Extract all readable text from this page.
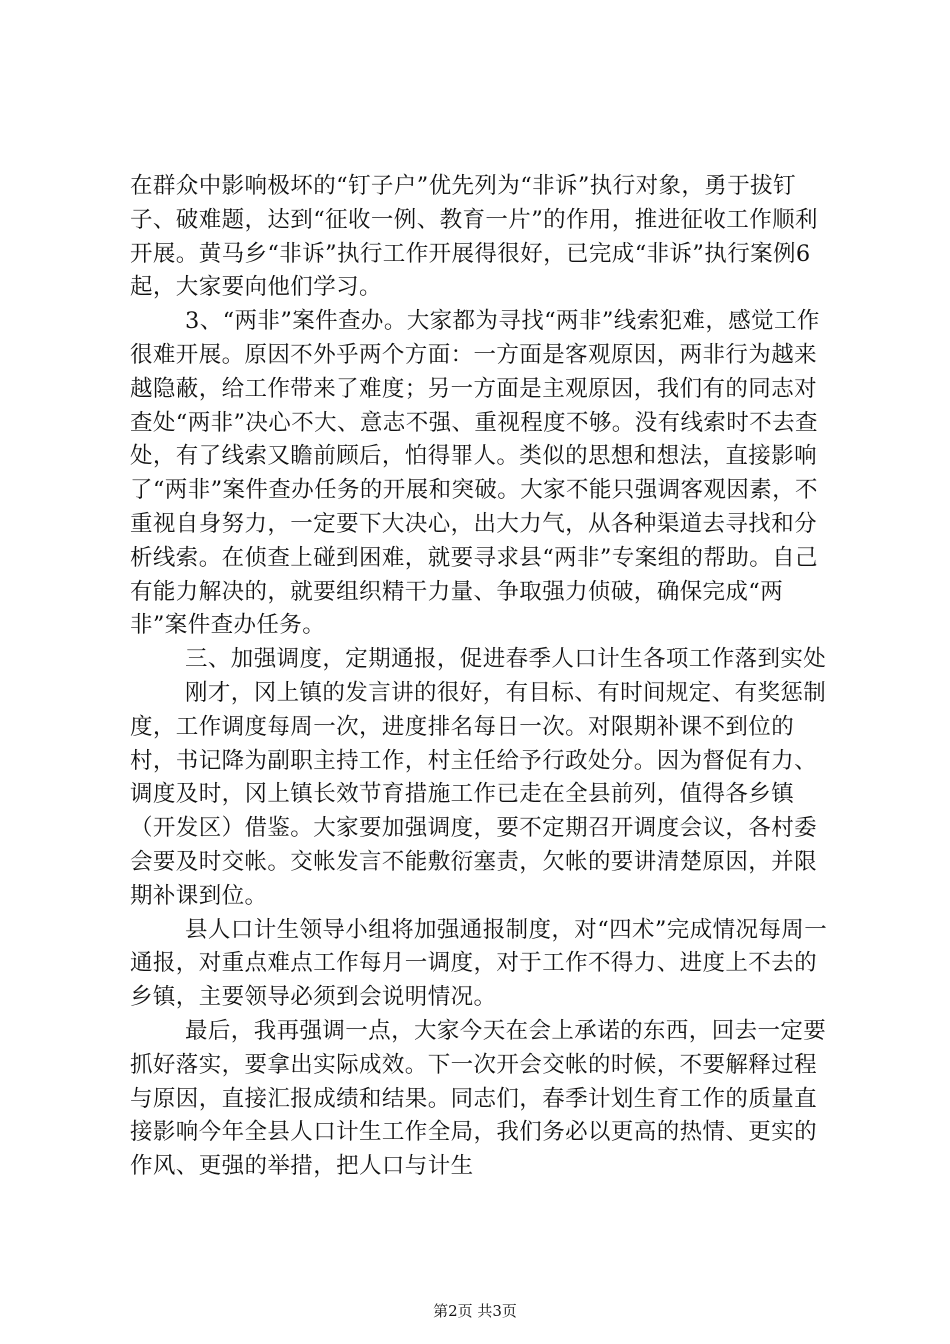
在群众中影响极坏的“钉子户”优先列为“非诉”执行对象，勇于拔钉子、破难题，达到“征收一例、教育一片”的作用，推进征收工作顺利开展。黄马乡“非诉”执行工作开展得很好，已完成“非诉”执行案例6起，大家要向他们学习。

3、“两非”案件查办。大家都为寻找“两非”线索犯难，感觉工作很难开展。原因不外乎两个方面：一方面是客观原因，两非行为越来越隐蔽，给工作带来了难度；另一方面是主观原因，我们有的同志对查处“两非”决心不大、意志不强、重视程度不够。没有线索时不去查处，有了线索又瞻前顾后，怕得罪人。类似的思想和想法，直接影响了“两非”案件查办任务的开展和突破。大家不能只强调客观因素，不重视自身努力，一定要下大决心，出大力气，从各种渠道去寻找和分析线索。在侦查上碰到困难，就要寻求县“两非”专案组的帮助。自己有能力解决的，就要组织精干力量、争取强力侦破，确保完成“两非”案件查办任务。

三、加强调度，定期通报，促进春季人口计生各项工作落到实处

刚才，冈上镇的发言讲的很好，有目标、有时间规定、有奖惩制度，工作调度每周一次，进度排名每日一次。对限期补课不到位的村，书记降为副职主持工作，村主任给予行政处分。因为督促有力、调度及时，冈上镇长效节育措施工作已走在全县前列，值得各乡镇（开发区）借鉴。大家要加强调度，要不定期召开调度会议，各村委会要及时交帐。交帐发言不能敷衍塞责，欠帐的要讲清楚原因，并限期补课到位。

县人口计生领导小组将加强通报制度，对“四术”完成情况每周一通报，对重点难点工作每月一调度，对于工作不得力、进度上不去的乡镇，主要领导必须到会说明情况。

最后，我再强调一点，大家今天在会上承诺的东西，回去一定要抓好落实，要拿出实际成效。下一次开会交帐的时候，不要解释过程与原因，直接汇报成绩和结果。同志们，春季计划生育工作的质量直接影响今年全县人口计生工作全局，我们务必以更高的热情、更实的作风、更强的举措，把人口与计生

第2页 共3页
